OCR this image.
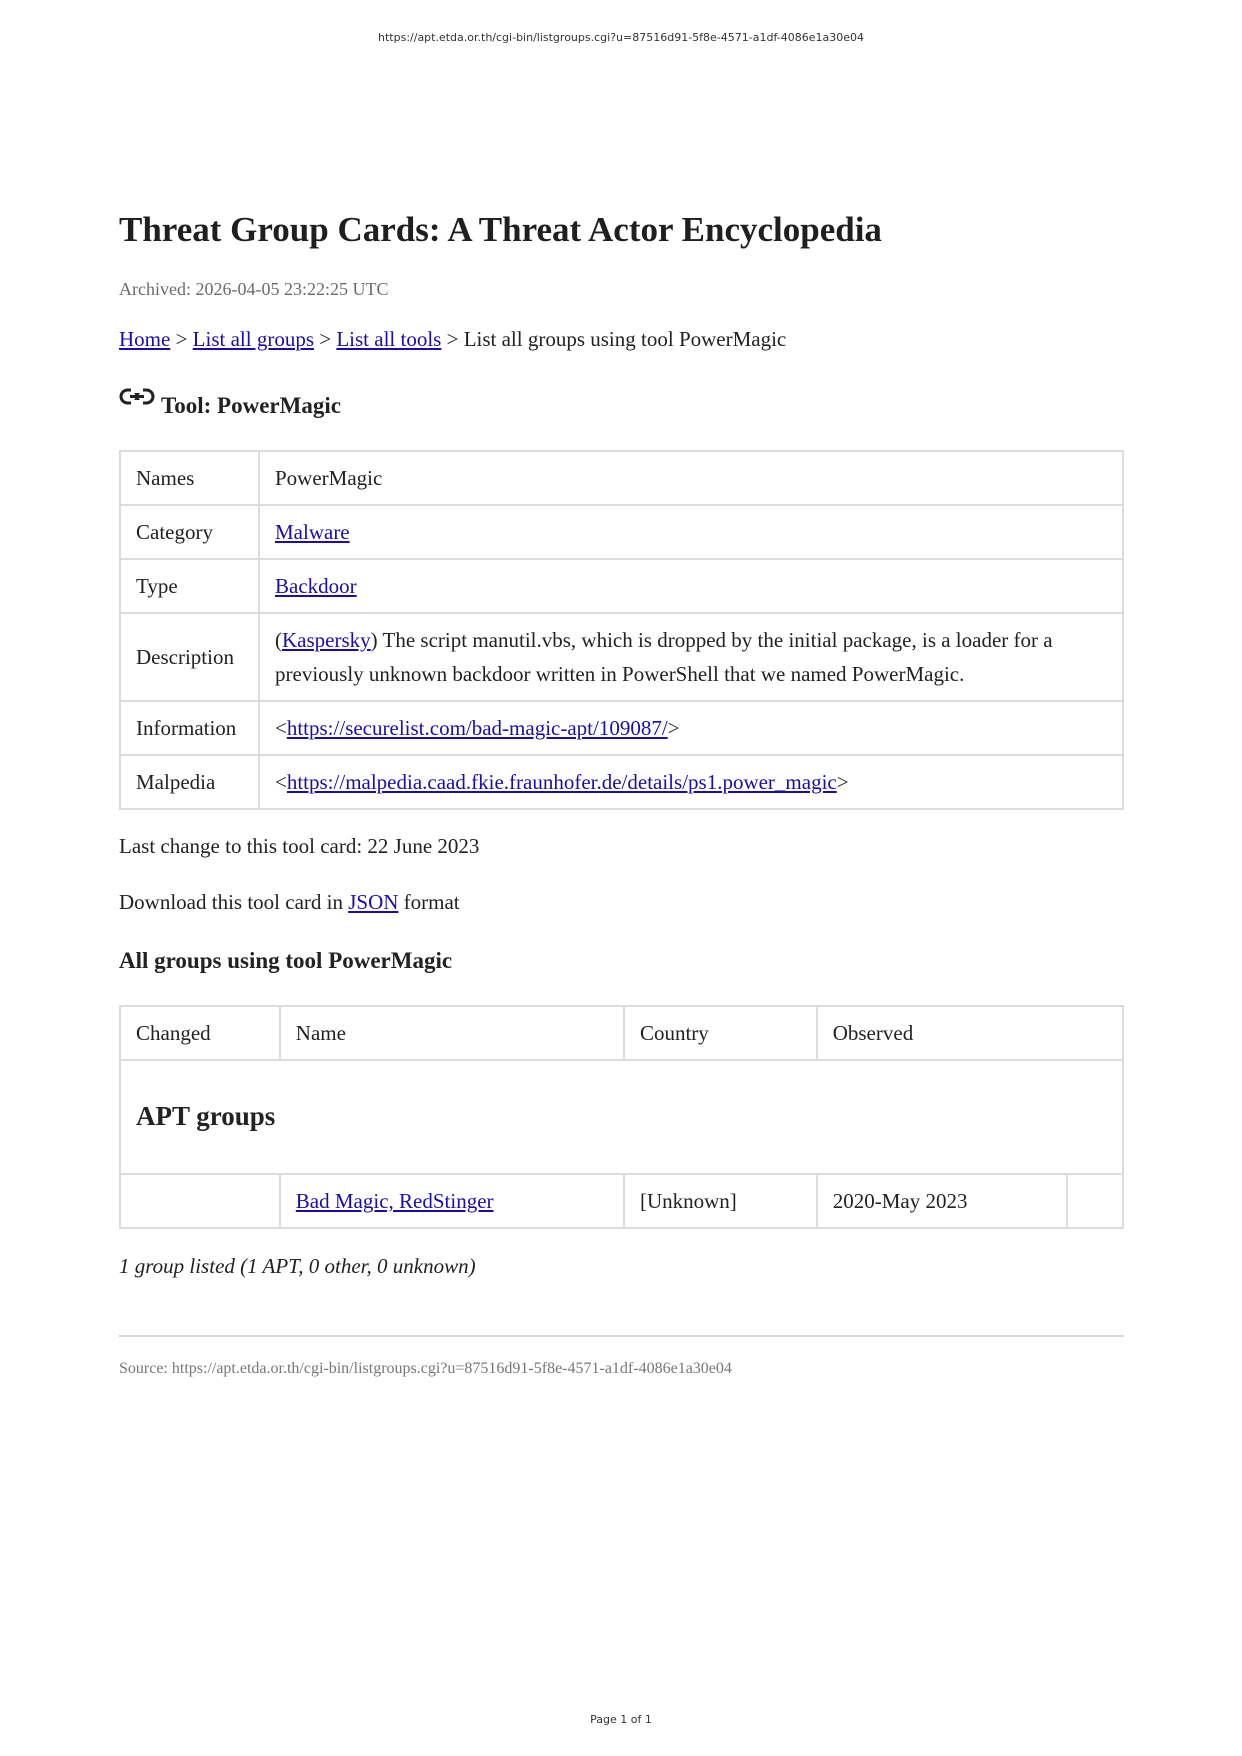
https://apt.etda.or.th/cgi-bin/listgroups.cgi?u=87516d91-5f8e-4571-a1df-4086e1a30e04
Threat Group Cards: A Threat Actor Encyclopedia
Archived: 2026-04-05 23:22:25 UTC
Home > List all groups > List all tools > List all groups using tool PowerMagic
Tool: PowerMagic
Names	PowerMagic
Category	Malware
Type	Backdoor
Description	(Kaspersky) The script manutil.vbs, which is dropped by the initial package, is a loader for a previously unknown backdoor written in PowerShell that we named PowerMagic.
Information	<https://securelist.com/bad-magic-apt/109087/>
Malpedia	<https://malpedia.caad.fkie.fraunhofer.de/details/ps1.power_magic>
Last change to this tool card: 22 June 2023
Download this tool card in JSON format
All groups using tool PowerMagic
Changed	Name	Country	Observed	
APT groups				
	Bad Magic, RedStinger	[Unknown]	2020-May 2023	
1 group listed (1 APT, 0 other, 0 unknown)
Source: https://apt.etda.or.th/cgi-bin/listgroups.cgi?u=87516d91-5f8e-4571-a1df-4086e1a30e04
Page 1 of 1
